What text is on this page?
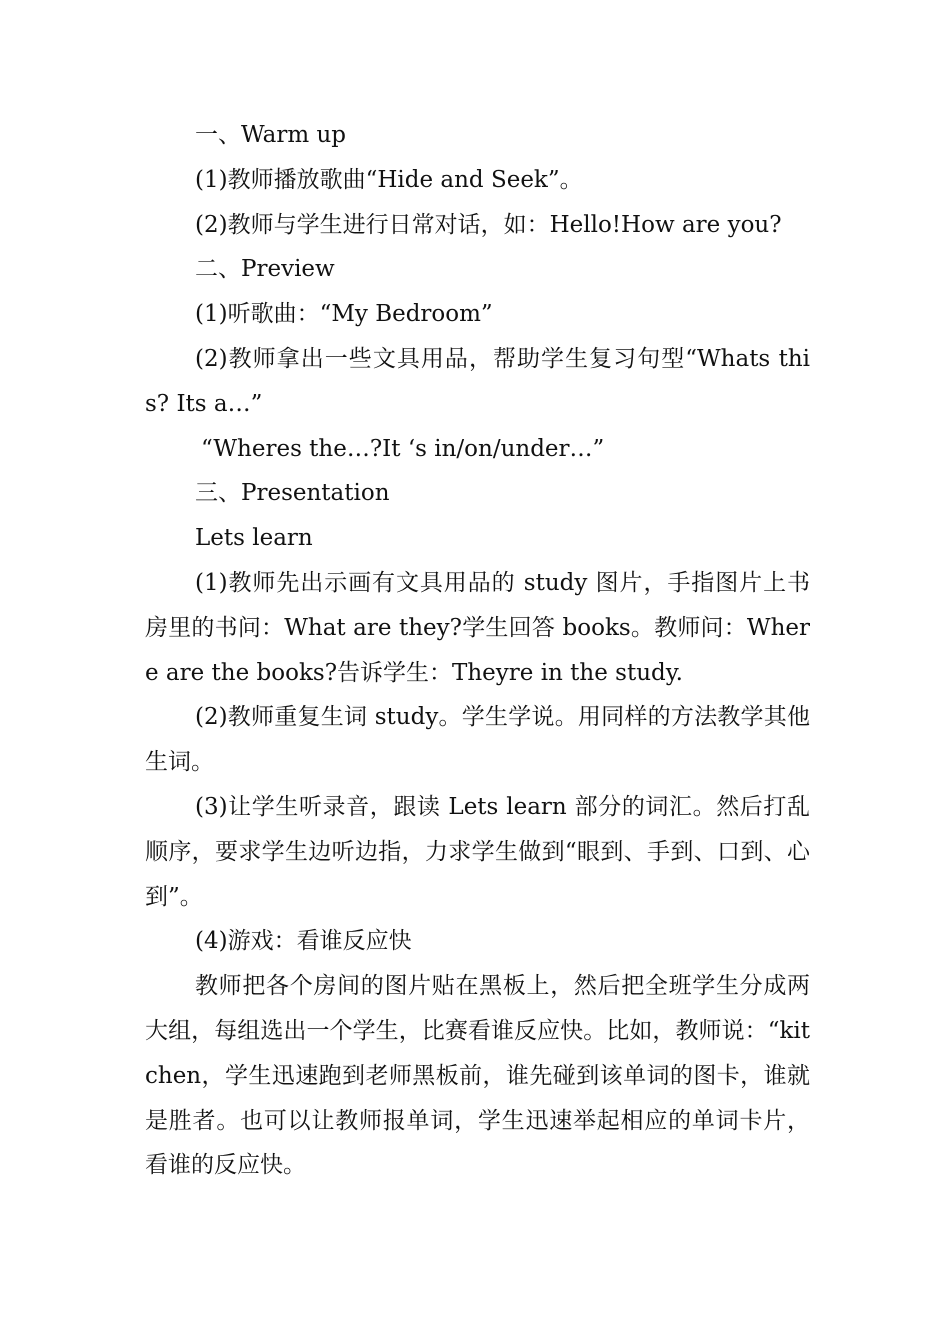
一、Warm up

(1)教师播放歌曲“Hide and Seek”。

(2)教师与学生进行日常对话，如：Hello!How are you?

二、Preview

(1)听歌曲：“My Bedroom”

(2)教师拿出一些文具用品，帮助学生复习句型“Whats this? Its a…”

“Wheres the…?It ‘s in/on/under…”

三、Presentation

Lets learn

(1)教师先出示画有文具用品的 study 图片，手指图片上书房里的书问：What are they?学生回答 books。教师问：Where are the books?告诉学生：Theyre in the study.

(2)教师重复生词 study。学生学说。用同样的方法教学其他生词。

(3)让学生听录音，跟读 Lets learn 部分的词汇。然后打乱顺序，要求学生边听边指，力求学生做到“眼到、手到、口到、心到”。

(4)游戏：看谁反应快

教师把各个房间的图片贴在黑板上，然后把全班学生分成两大组，每组选出一个学生，比赛看谁反应快。比如，教师说：“kitchen，学生迅速跑到老师黑板前，谁先碰到该单词的图卡，谁就是胜者。也可以让教师报单词，学生迅速举起相应的单词卡片，看谁的反应快。
